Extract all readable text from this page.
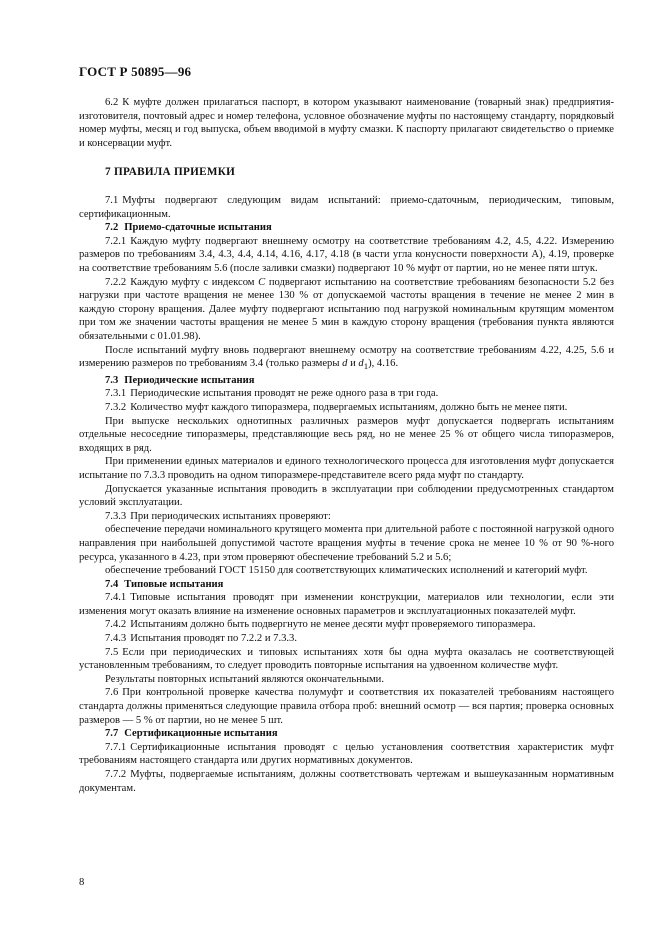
ГОСТ Р 50895—96

6.2 К муфте должен прилагаться паспорт, в котором указывают наименование (товарный знак) предприятия-изготовителя, почтовый адрес и номер телефона, условное обозначение муфты по настоящему стандарту, порядковый номер муфты, месяц и год выпуска, объем вводимой в муфту смазки. К паспорту прилагают свидетельство о приемке и консервации муфт.

7 ПРАВИЛА ПРИЕМКИ

7.1 Муфты подвергают следующим видам испытаний: приемо-сдаточным, периодическим, типовым, сертификационным.

7.2 Приемо-сдаточные испытания

7.2.1 Каждую муфту подвергают внешнему осмотру на соответствие требованиям 4.2, 4.5, 4.22. Измерению размеров по требованиям 3.4, 4.3, 4.4, 4.14, 4.16, 4.17, 4.18 (в части угла конусности поверхности А), 4.19, проверке на соответствие требованиям 5.6 (после заливки смазки) подвергают 10 % муфт от партии, но не менее пяти штук.

7.2.2 Каждую муфту с индексом С подвергают испытанию на соответствие требованиям безопасности 5.2 без нагрузки при частоте вращения не менее 130 % от допускаемой частоты вращения в течение не менее 2 мин в каждую сторону вращения. Далее муфту подвергают испытанию под нагрузкой номинальным крутящим моментом при том же значении частоты вращения не менее 5 мин в каждую сторону вращения (требования пункта являются обязательными с 01.01.98).

После испытаний муфту вновь подвергают внешнему осмотру на соответствие требованиям 4.22, 4.25, 5.6 и измерению размеров по требованиям 3.4 (только размеры d и $d_1$), 4.16.

7.3 Периодические испытания

7.3.1 Периодические испытания проводят не реже одного раза в три года.

7.3.2 Количество муфт каждого типоразмера, подвергаемых испытаниям, должно быть не менее пяти.

При выпуске нескольких однотипных различных размеров муфт допускается подвергать испытаниям отдельные несоседние типоразмеры, представляющие весь ряд, но не менее 25 % от общего числа типоразмеров, входящих в ряд.

При применении единых материалов и единого технологического процесса для изготовления муфт допускается испытание по 7.3.3 проводить на одном типоразмере-представителе всего ряда муфт по стандарту.

Допускается указанные испытания проводить в эксплуатации при соблюдении предусмотренных стандартом условий эксплуатации.

7.3.3 При периодических испытаниях проверяют:

обеспечение передачи номинального крутящего момента при длительной работе с постоянной нагрузкой одного направления при наибольшей допустимой частоте вращения муфты в течение срока не менее 10 % от 90 %-ного ресурса, указанного в 4.23, при этом проверяют обеспечение требований 5.2 и 5.6;

обеспечение требований ГОСТ 15150 для соответствующих климатических исполнений и категорий муфт.

7.4 Типовые испытания

7.4.1 Типовые испытания проводят при изменении конструкции, материалов или технологии, если эти изменения могут оказать влияние на изменение основных параметров и эксплуатационных показателей муфт.

7.4.2 Испытаниям должно быть подвергнуто не менее десяти муфт проверяемого типоразмера.

7.4.3 Испытания проводят по 7.2.2 и 7.3.3.

7.5 Если при периодических и типовых испытаниях хотя бы одна муфта оказалась не соответствующей установленным требованиям, то следует проводить повторные испытания на удвоенном количестве муфт.

Результаты повторных испытаний являются окончательными.

7.6 При контрольной проверке качества полумуфт и соответствия их показателей требованиям настоящего стандарта должны применяться следующие правила отбора проб: внешний осмотр — вся партия; проверка основных размеров — 5 % от партии, но не менее 5 шт.

7.7 Сертификационные испытания

7.7.1 Сертификационные испытания проводят с целью установления соответствия характеристик муфт требованиям настоящего стандарта или других нормативных документов.

7.7.2 Муфты, подвергаемые испытаниям, должны соответствовать чертежам и вышеуказанным нормативным документам.

8
